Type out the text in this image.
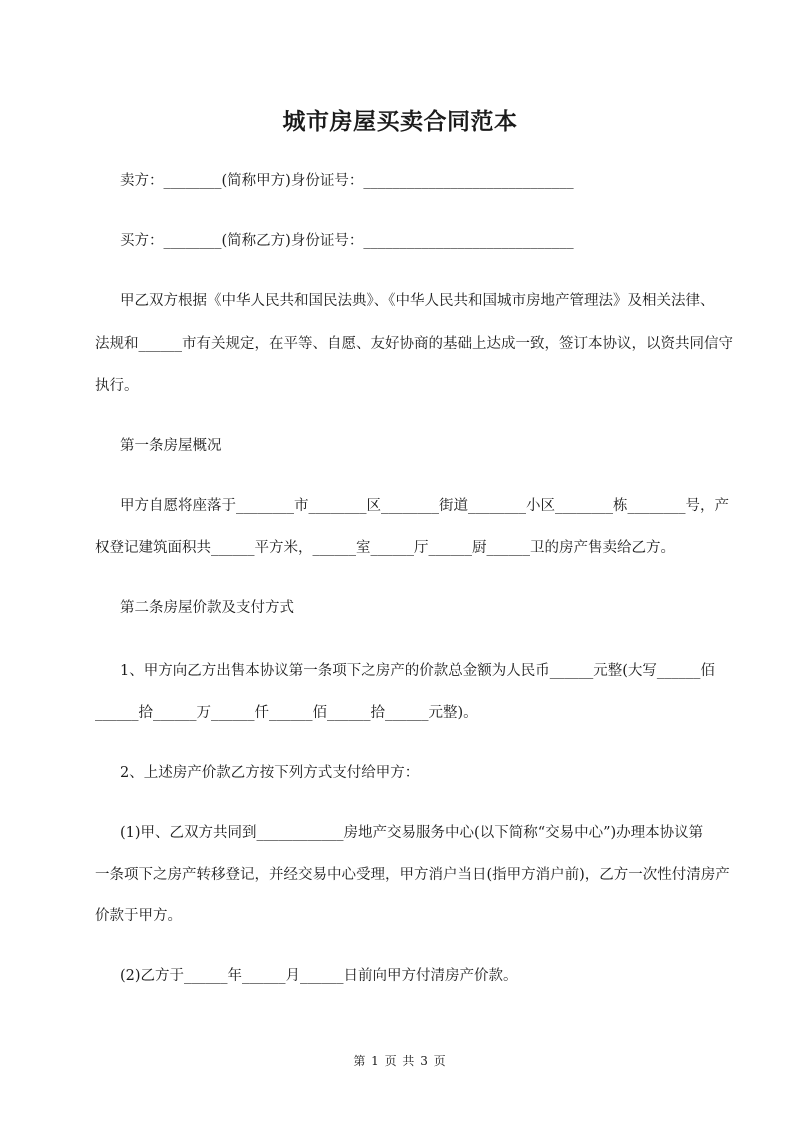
城市房屋买卖合同范本
卖方：________(简称甲方)身份证号：_____________________________
买方：________(简称乙方)身份证号：_____________________________
甲乙双方根据《中华人民共和国民法典》、《中华人民共和国城市房地产管理法》及相关法律、
法规和______市有关规定，在平等、自愿、友好协商的基础上达成一致，签订本协议，以资共同信守
执行。
第一条房屋概况
甲方自愿将座落于________市________区________街道________小区________栋________号，产
权登记建筑面积共______平方米，______室______厅______厨______卫的房产售卖给乙方。
第二条房屋价款及支付方式
1、甲方向乙方出售本协议第一条项下之房产的价款总金额为人民币______元整(大写______佰
______拾______万______仟______佰______拾______元整)。
2、上述房产价款乙方按下列方式支付给甲方：
(1)甲、乙双方共同到____________房地产交易服务中心(以下简称“交易中心”)办理本协议第
一条项下之房产转移登记，并经交易中心受理，甲方消户当日(指甲方消户前)，乙方一次性付清房产
价款于甲方。
(2)乙方于______年______月______日前向甲方付清房产价款。
第 1 页 共 3 页
